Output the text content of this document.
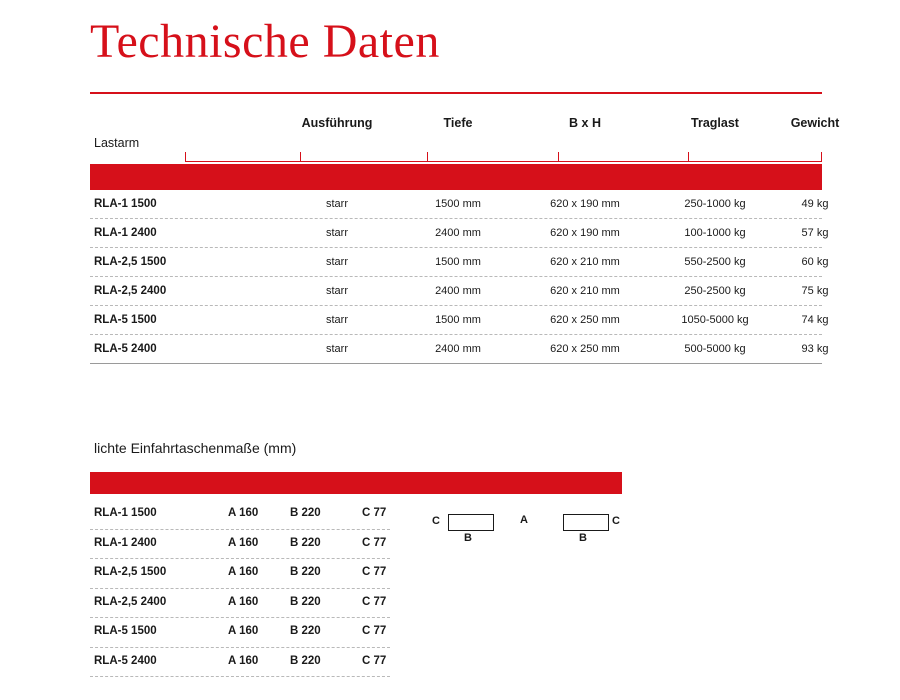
Technische Daten
Ausführung	Tiefe	B x H	Traglast	Gewicht
Lastarm
RLA-1 1500	starr	1500 mm	620 x 190 mm	250-1000 kg	49 kg
RLA-1 2400	starr	2400 mm	620 x 190 mm	100-1000 kg	57 kg
RLA-2,5 1500	starr	1500 mm	620 x 210 mm	550-2500 kg	60 kg
RLA-2,5 2400	starr	2400 mm	620 x 210 mm	250-2500 kg	75 kg
RLA-5 1500	starr	1500 mm	620 x 250 mm	1050-5000 kg	74 kg
RLA-5 2400	starr	2400 mm	620 x 250 mm	500-5000 kg	93 kg
lichte Einfahrtaschenmaße (mm)
RLA-1 1500	A 160	B 220	C 77
RLA-1 2400	A 160	B 220	C 77
RLA-2,5 1500	A 160	B 220	C 77
RLA-2,5 2400	A 160	B 220	C 77
RLA-5 1500	A 160	B 220	C 77
RLA-5 2400	A 160	B 220	C 77
C
B
A
B
C
